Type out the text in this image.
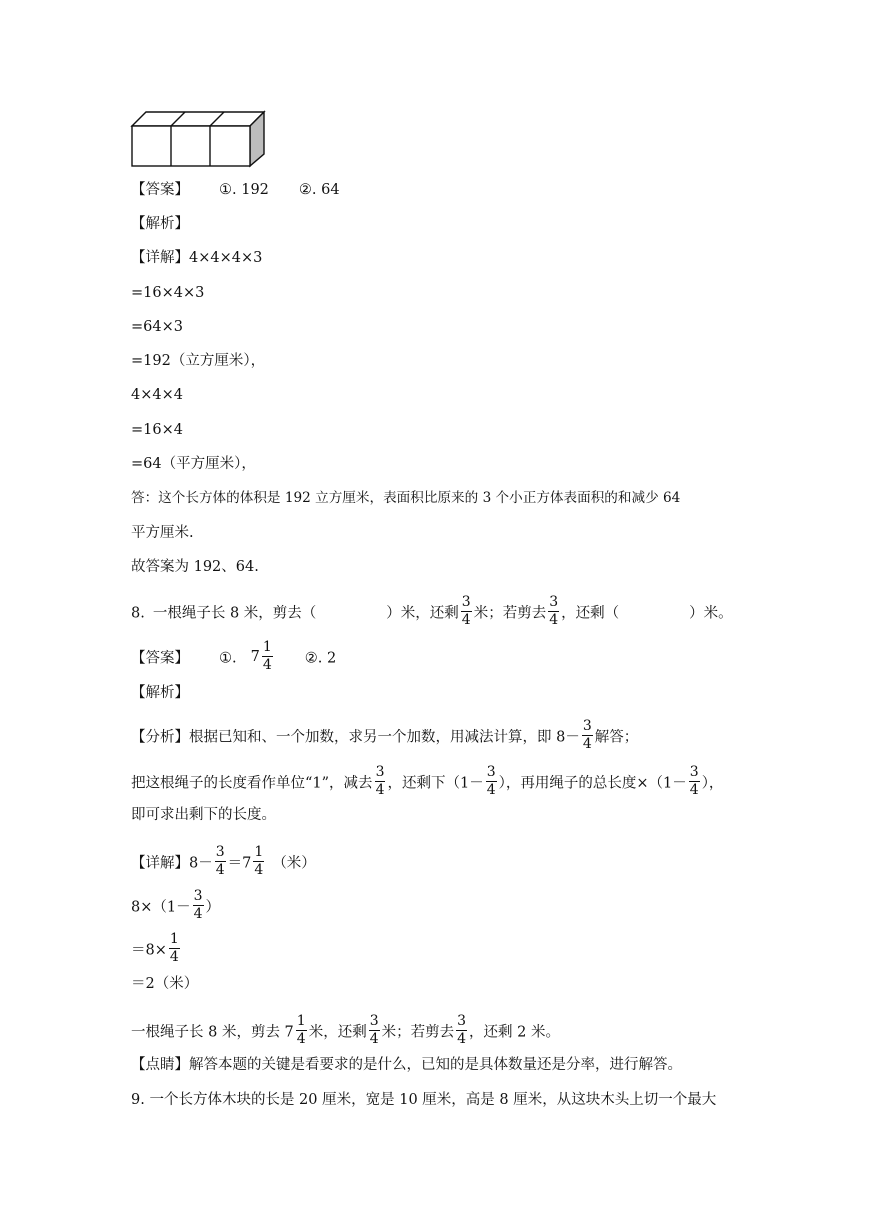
【答案】 ①. 192 ②. 64
【解析】
【详解】4×4×4×3
=16×4×3
=64×3
=192（立方厘米），
4×4×4
=16×4
=64（平方厘米），
答：这个长方体的体积是 192 立方厘米，表面积比原来的 3 个小正方体表面积的和减少 64
平方厘米.
故答案为 192、64.
8. 一根绳子长 8 米，剪去（	）米，还剩 $\frac{3}{4}$ 米；若剪去 $\frac{3}{4}$ ，还剩（	）米。
【答案】 ①. $7 \frac{1}{4}$ ②. 2
【解析】
【分析】根据已知和、一个加数，求另一个加数，用减法计算，即 $8- \frac{3}{4}$ 解答；
把这根绳子的长度看作单位“1”，减去 $\frac{3}{4}$ ，还剩下（$1- \frac{3}{4}$ ），再用绳子的总长度$\times(1- \frac{3}{4}$ ），
即可求出剩下的长度。
【详解】$8- \frac{3}{4} =7 \frac{1}{4}$ （米）
$8\times(1- \frac{3}{4}$ ）
$=8\times \frac{1}{4}$
＝2（米）
一根绳子长 8 米，剪去 $7 \frac{1}{4}$ 米，还剩 $\frac{3}{4}$ 米；若剪去 $\frac{3}{4}$ ，还剩 2 米。
【点睛】解答本题的关键是看要求的是什么，已知的是具体数量还是分率，进行解答。
9. 一个长方体木块的长是 20 厘米，宽是 10 厘米，高是 8 厘米，从这块木头上切一个最大
